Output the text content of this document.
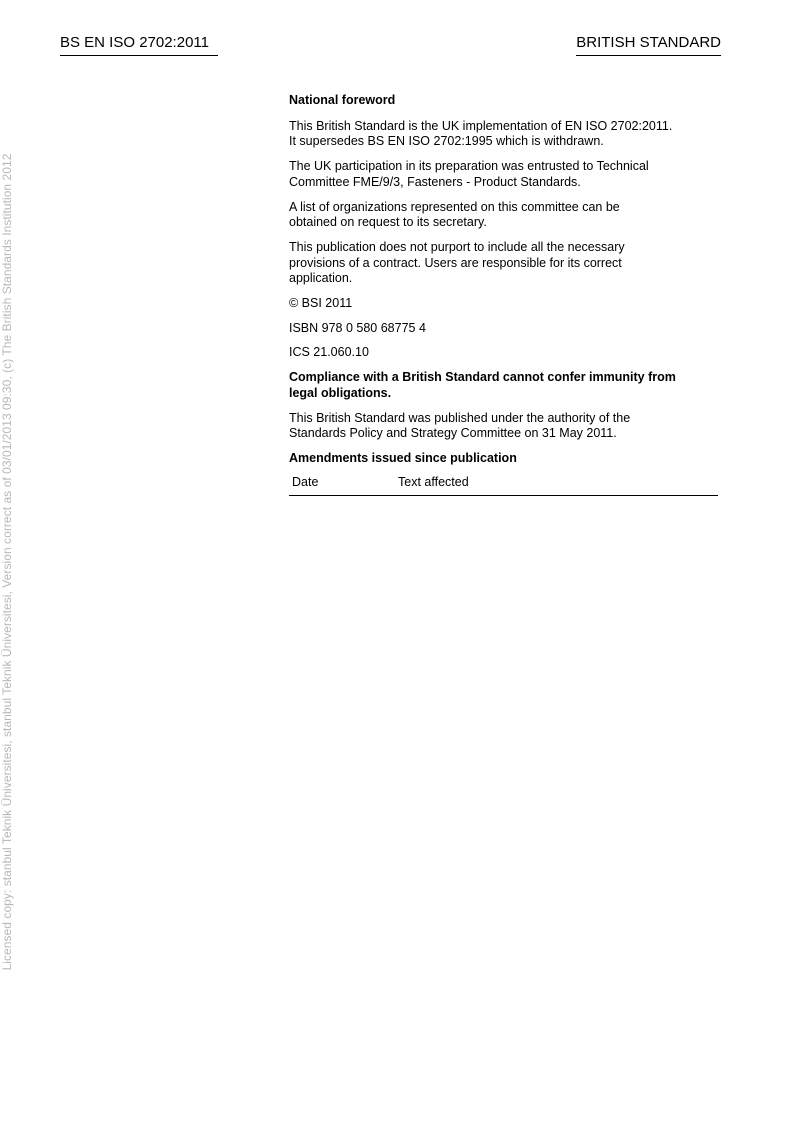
BS EN ISO 2702:2011	BRITISH STANDARD
Licensed copy: stanbul Teknik Üniversitesi, stanbul Teknik Üniversitesi, Version correct as of 03/01/2013 09:30, (c) The British Standards Institution 2012
National foreword
This British Standard is the UK implementation of EN ISO 2702:2011.
It supersedes BS EN ISO 2702:1995 which is withdrawn.
The UK participation in its preparation was entrusted to Technical
Committee FME/9/3, Fasteners - Product Standards.
A list of organizations represented on this committee can be
obtained on request to its secretary.
This publication does not purport to include all the necessary
provisions of a contract. Users are responsible for its correct
application.
© BSI 2011
ISBN 978 0 580 68775 4
ICS 21.060.10
Compliance with a British Standard cannot confer immunity from
legal obligations.
This British Standard was published under the authority of the
Standards Policy and Strategy Committee on 31 May 2011.
Amendments issued since publication
Date	Text affected
